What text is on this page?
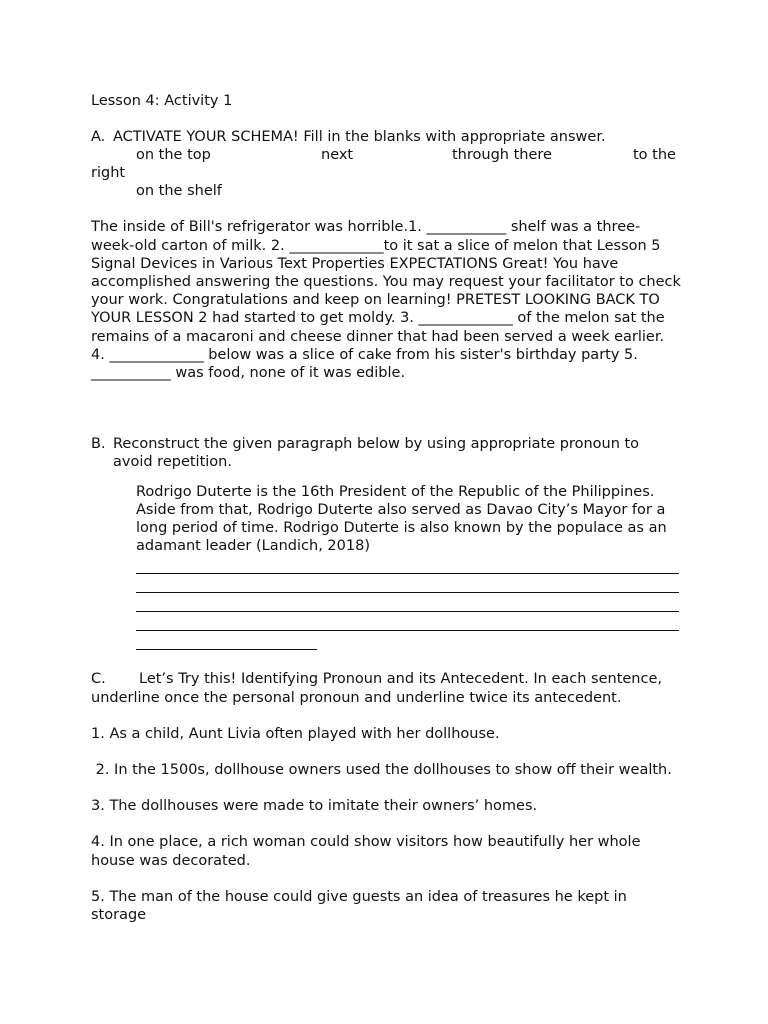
Lesson 4: Activity 1

A. ACTIVATE YOUR SCHEMA! Fill in the blanks with appropriate answer.
on the top	next	through there	to the
right
on the shelf

The inside of Bill's refrigerator was horrible.1. ___________ shelf was a three-week-old carton of milk. 2. _____________to it sat a slice of melon that Lesson 5 Signal Devices in Various Text Properties EXPECTATIONS Great! You have accomplished answering the questions. You may request your facilitator to check your work. Congratulations and keep on learning! PRETEST LOOKING BACK TO YOUR LESSON 2 had started to get moldy. 3. _____________ of the melon sat the remains of a macaroni and cheese dinner that had been served a week earlier. 4. _____________ below was a slice of cake from his sister's birthday party 5. ___________ was food, none of it was edible.

B. Reconstruct the given paragraph below by using appropriate pronoun to avoid repetition.

Rodrigo Duterte is the 16th President of the Republic of the Philippines. Aside from that, Rodrigo Duterte also served as Davao City’s Mayor for a long period of time. Rodrigo Duterte is also known by the populace as an adamant leader (Landich, 2018)

C. Let’s Try this! Identifying Pronoun and its Antecedent. In each sentence, underline once the personal pronoun and underline twice its antecedent.

1. As a child, Aunt Livia often played with her dollhouse.

2. In the 1500s, dollhouse owners used the dollhouses to show off their wealth.

3. The dollhouses were made to imitate their owners’ homes.

4. In one place, a rich woman could show visitors how beautifully her whole house was decorated.

5. The man of the house could give guests an idea of treasures he kept in storage
